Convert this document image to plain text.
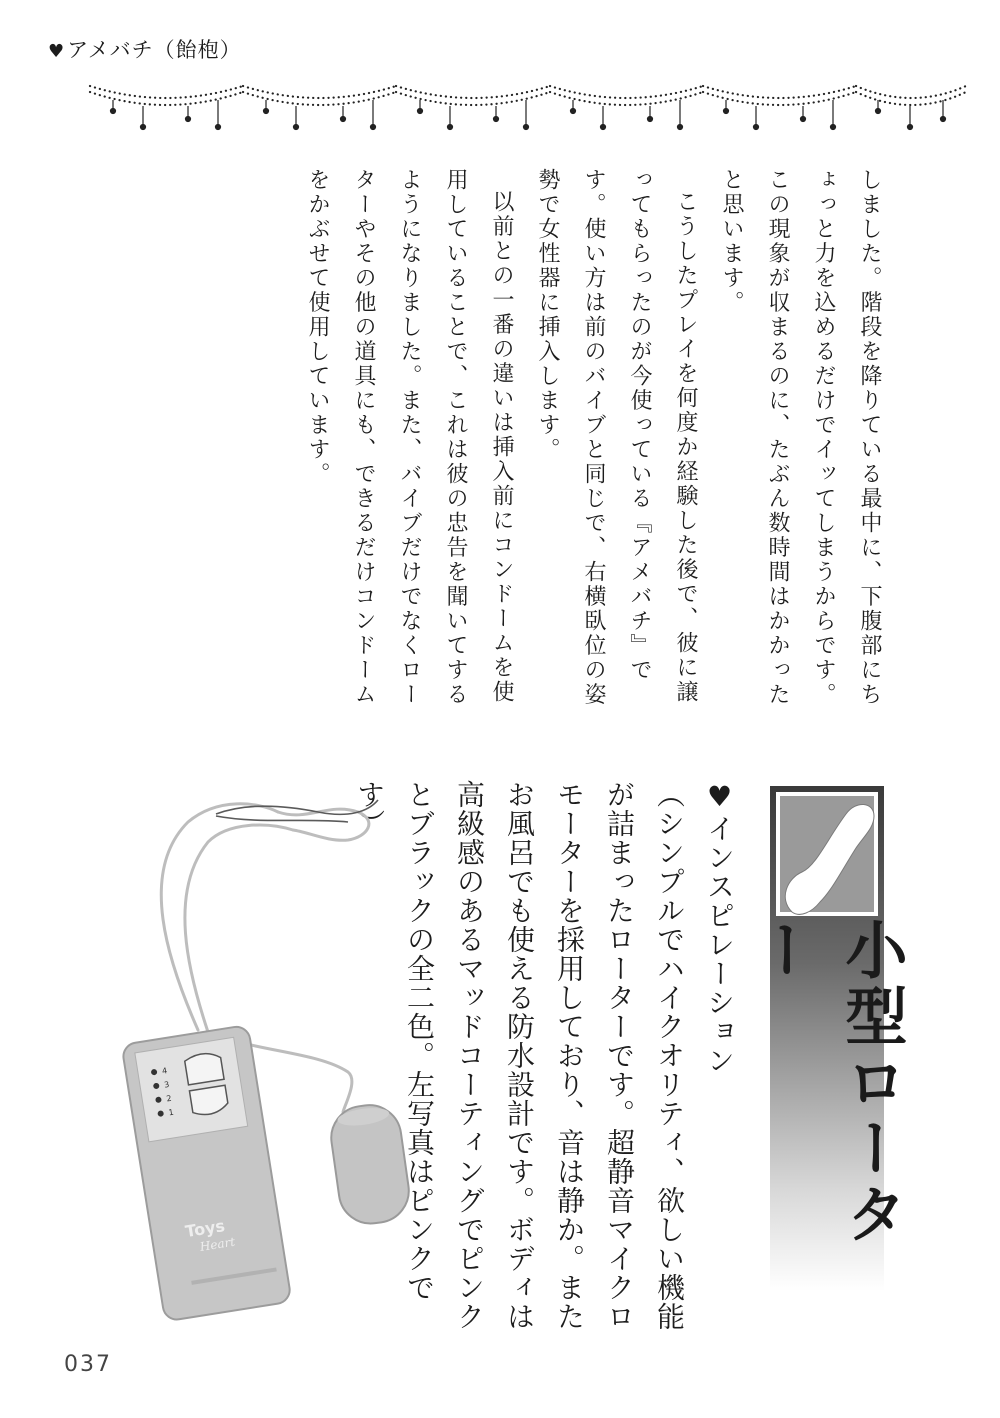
♥アメバチ（飴枹）

しました。階段を降りている最中に、下腹部にちょっと力を込めるだけでイッてしまうからです。この現象が収まるのに、たぶん数時間はかかったと思います。

こうしたプレイを何度か経験した後で、彼に譲ってもらったのが今使っている『アメバチ』です。使い方は前のバイブと同じで、右横臥位の姿勢で女性器に挿入します。

以前との一番の違いは挿入前にコンドームを使用していることで、これは彼の忠告を聞いてするようになりました。また、バイブだけでなくローターやその他の道具にも、できるだけコンドームをかぶせて使用しています。

小型ローター

♥インスピレーション

（シンプルでハイクオリティ、欲しい機能が詰まったローターです。超静音マイクロモーターを採用しており、音は静か。またお風呂でも使える防水設計です。ボディは高級感のあるマッドコーティングでピンクとブラックの全二色。左写真はピンクです）

4
3
2
1
Toys
Heart
037
